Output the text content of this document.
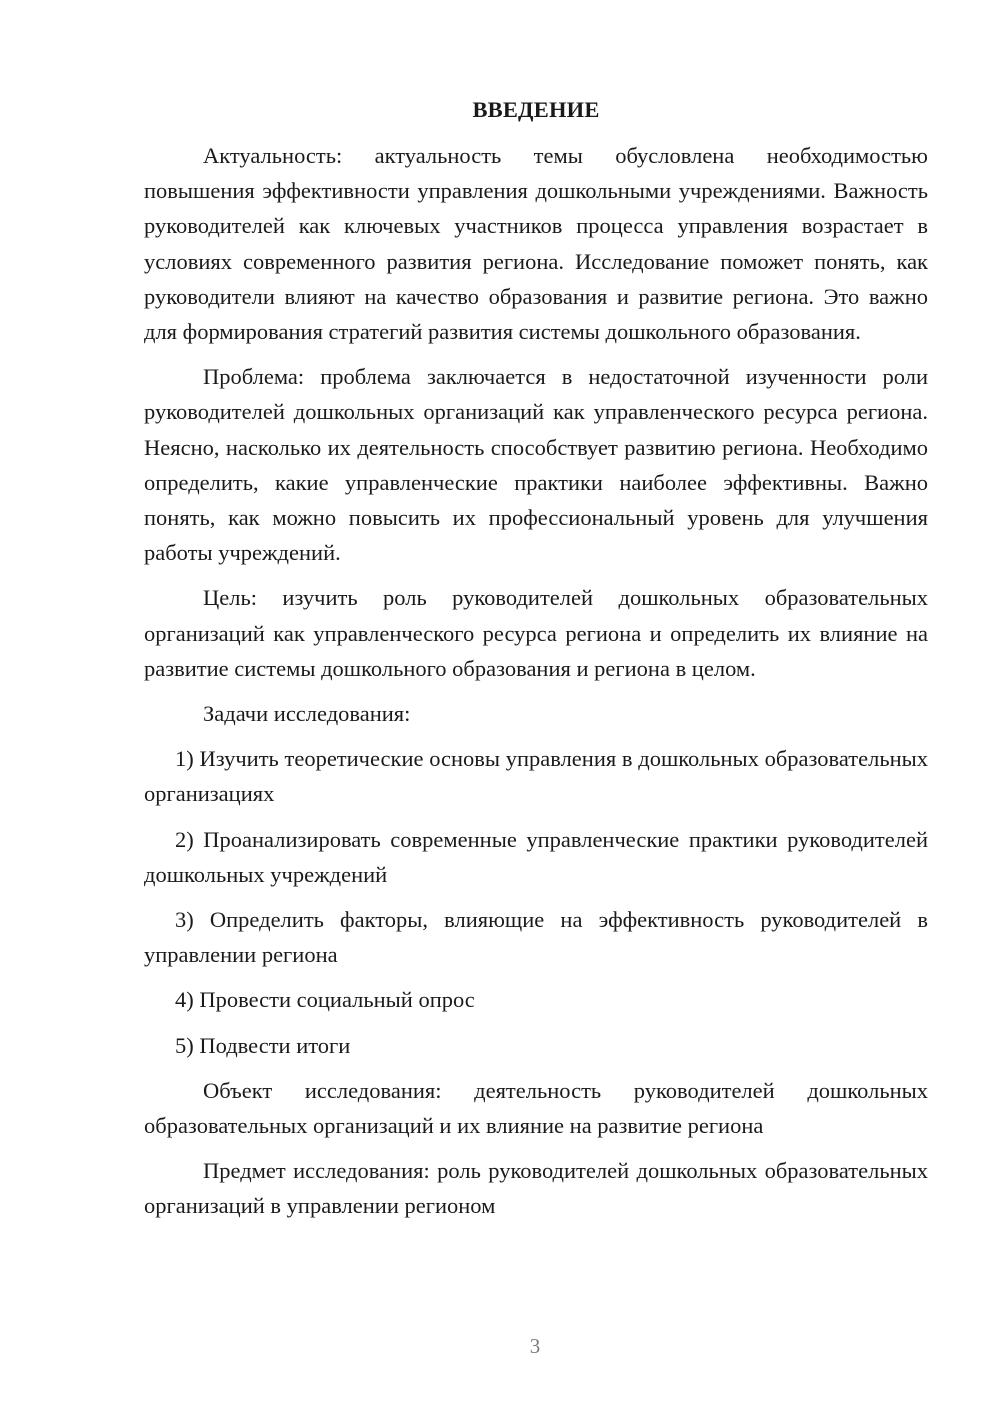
ВВЕДЕНИЕ

Актуальность: актуальность темы обусловлена необходимостью повышения эффективности управления дошкольными учреждениями. Важность руководителей как ключевых участников процесса управления возрастает в условиях современного развития региона. Исследование поможет понять, как руководители влияют на качество образования и развитие региона. Это важно для формирования стратегий развития системы дошкольного образования.

Проблема: проблема заключается в недостаточной изученности роли руководителей дошкольных организаций как управленческого ресурса региона. Неясно, насколько их деятельность способствует развитию региона. Необходимо определить, какие управленческие практики наиболее эффективны. Важно понять, как можно повысить их профессиональный уровень для улучшения работы учреждений.

Цель: изучить роль руководителей дошкольных образовательных организаций как управленческого ресурса региона и определить их влияние на развитие системы дошкольного образования и региона в целом.

Задачи исследования:

1) Изучить теоретические основы управления в дошкольных образовательных организациях

2) Проанализировать современные управленческие практики руководителей дошкольных учреждений

3) Определить факторы, влияющие на эффективность руководителей в управлении региона

4) Провести социальный опрос

5) Подвести итоги

Объект исследования: деятельность руководителей дошкольных образовательных организаций и их влияние на развитие региона

Предмет исследования: роль руководителей дошкольных образовательных организаций в управлении регионом

3
